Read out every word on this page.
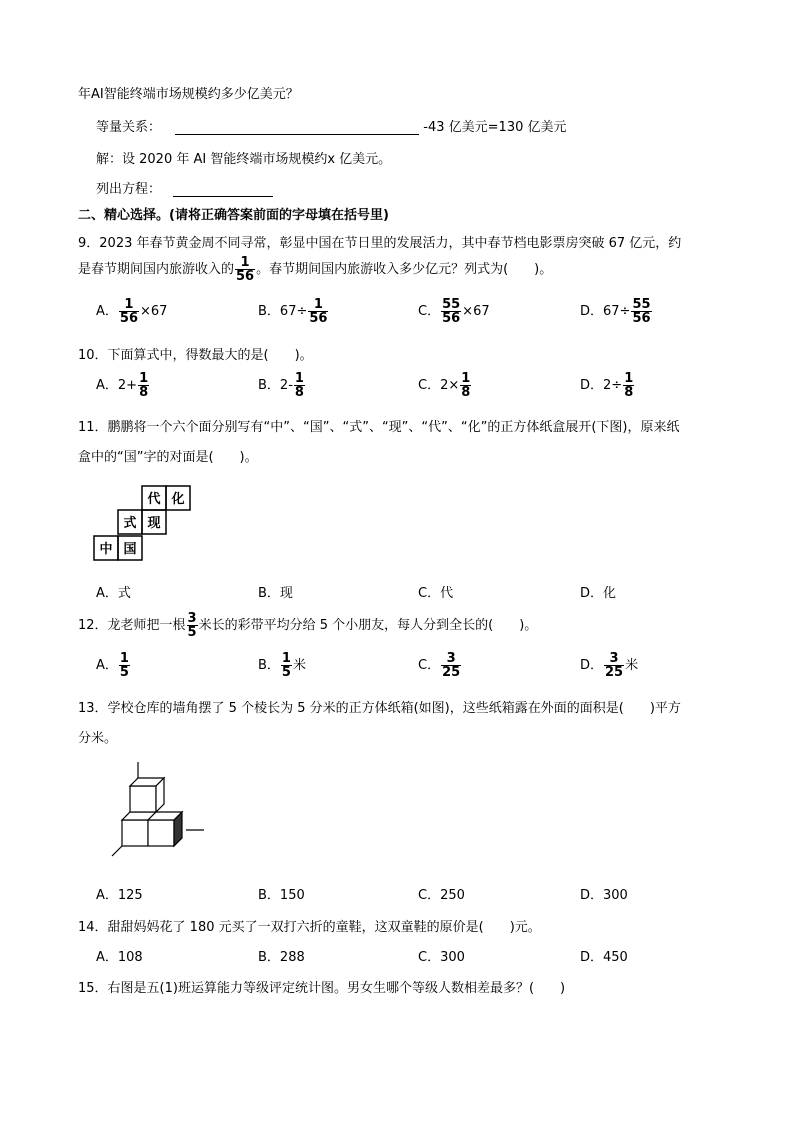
年AI智能终端市场规模约多少亿美元？
等量关系：	-43 亿美元=130 亿美元
解：设 2020 年 AI 智能终端市场规模约x 亿美元。
列出方程：
二、精心选择。(请将正确答案前面的字母填在括号里)
9．2023 年春节黄金周不同寻常，彰显中国在节日里的发展活力，其中春节档电影票房突破 67 亿元，约
是春节期间国内旅游收入的 $\frac{1}{56}$ 。春节期间国内旅游收入多少亿元？列式为(　　)。
A． $\frac{1}{56} \times 67$	B．$67\div \frac{1}{56}$	C． $\frac{55}{56} \times 67$	D．$67\div \frac{55}{56}$
10．下面算式中，得数最大的是(　　)。
A．$2+ \frac{1}{8}$	B．$2- \frac{1}{8}$	C．$2\times \frac{1}{8}$	D．$2\div \frac{1}{8}$
11．鹏鹏将一个六个面分别写有“中”、“国”、“式”、“现”、“代”、“化”的正方体纸盒展开(下图)，原来纸
盒中的“国”字的对面是(　　)。
代 化
式 现
中 国
A．式	B．现	C．代	D．化
12．龙老师把一根 $\frac{3}{5}$ 米长的彩带平均分给 5 个小朋友，每人分到全长的(　　)。
A． $\frac{1}{5}$	B． $\frac{1}{5}$ 米	C． $\frac{3}{25}$	D． $\frac{3}{25}$ 米
13．学校仓库的墙角摆了 5 个棱长为 5 分米的正方体纸箱(如图)，这些纸箱露在外面的面积是(　　)平方
分米。
A．125	B．150	C．250	D．300
14．甜甜妈妈花了 180 元买了一双打六折的童鞋，这双童鞋的原价是(　　)元。
A．108	B．288	C．300	D．450
15．右图是五(1)班运算能力等级评定统计图。男女生哪个等级人数相差最多？(　　)
